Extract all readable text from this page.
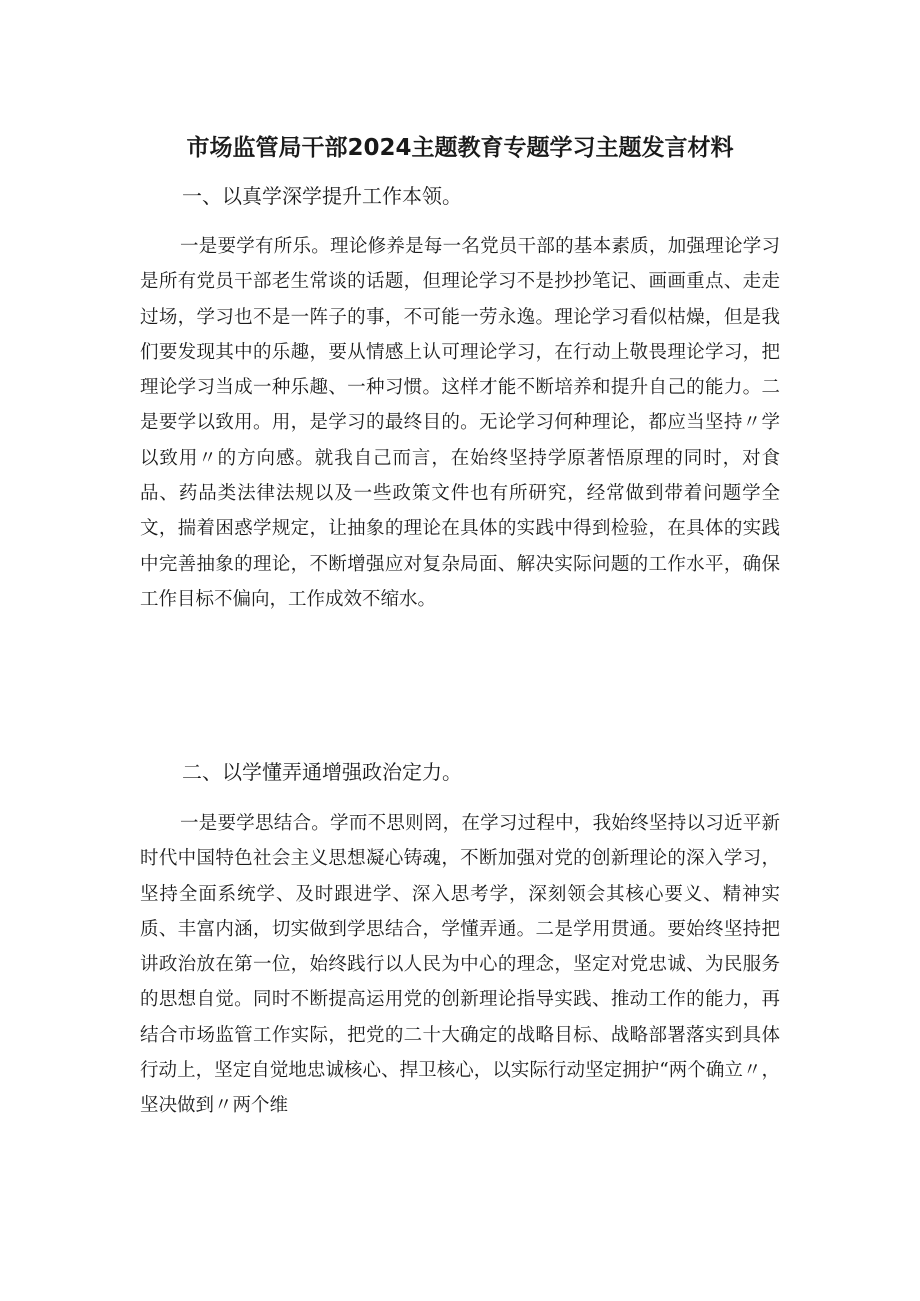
市场监管局干部2024主题教育专题学习主题发言材料
一、以真学深学提升工作本领。

一是要学有所乐。理论修养是每一名党员干部的基本素质，加强理论学习是所有党员干部老生常谈的话题，但理论学习不是抄抄笔记、画画重点、走走过场，学习也不是一阵子的事，不可能一劳永逸。理论学习看似枯燥，但是我们要发现其中的乐趣，要从情感上认可理论学习，在行动上敬畏理论学习，把理论学习当成一种乐趣、一种习惯。这样才能不断培养和提升自己的能力。二是要学以致用。用，是学习的最终目的。无论学习何种理论，都应当坚持〃学以致用〃的方向感。就我自己而言，在始终坚持学原著悟原理的同时，对食品、药品类法律法规以及一些政策文件也有所研究，经常做到带着问题学全文，揣着困惑学规定，让抽象的理论在具体的实践中得到检验，在具体的实践中完善抽象的理论，不断增强应对复杂局面、解决实际问题的工作水平，确保工作目标不偏向，工作成效不缩水。

二、以学懂弄通增强政治定力。

一是要学思结合。学而不思则罔，在学习过程中，我始终坚持以习近平新时代中国特色社会主义思想凝心铸魂，不断加强对党的创新理论的深入学习，坚持全面系统学、及时跟进学、深入思考学，深刻领会其核心要义、精神实质、丰富内涵，切实做到学思结合，学懂弄通。二是学用贯通。要始终坚持把讲政治放在第一位，始终践行以人民为中心的理念，坚定对党忠诚、为民服务的思想自觉。同时不断提高运用党的创新理论指导实践、推动工作的能力，再结合市场监管工作实际，把党的二十大确定的战略目标、战略部署落实到具体行动上，坚定自觉地忠诚核心、捍卫核心，以实际行动坚定拥护“两个确立〃，坚决做到〃两个维
